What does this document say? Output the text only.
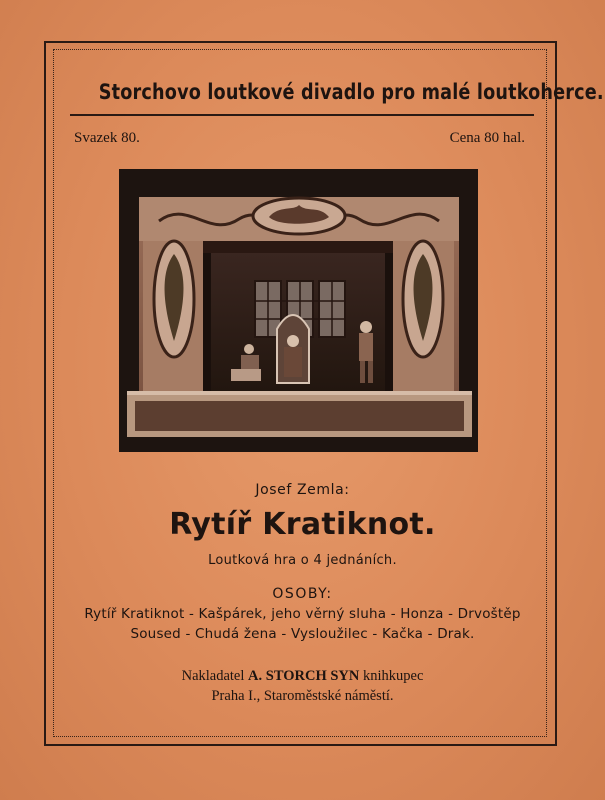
Storchovo loutkové divadlo pro malé loutkoherce.
Svazek 80.	Cena 80 hal.
Josef Zemla:
Rytíř Kratiknot.
Loutková hra o 4 jednáních.
OSOBY:
Rytíř Kratiknot - Kašpárek, jeho věrný sluha - Honza - Drvoštěp
Soused - Chudá žena - Vysloužilec - Kačka - Drak.
Nakladatel A. STORCH SYN knihkupec
Praha I., Staroměstské náměstí.
